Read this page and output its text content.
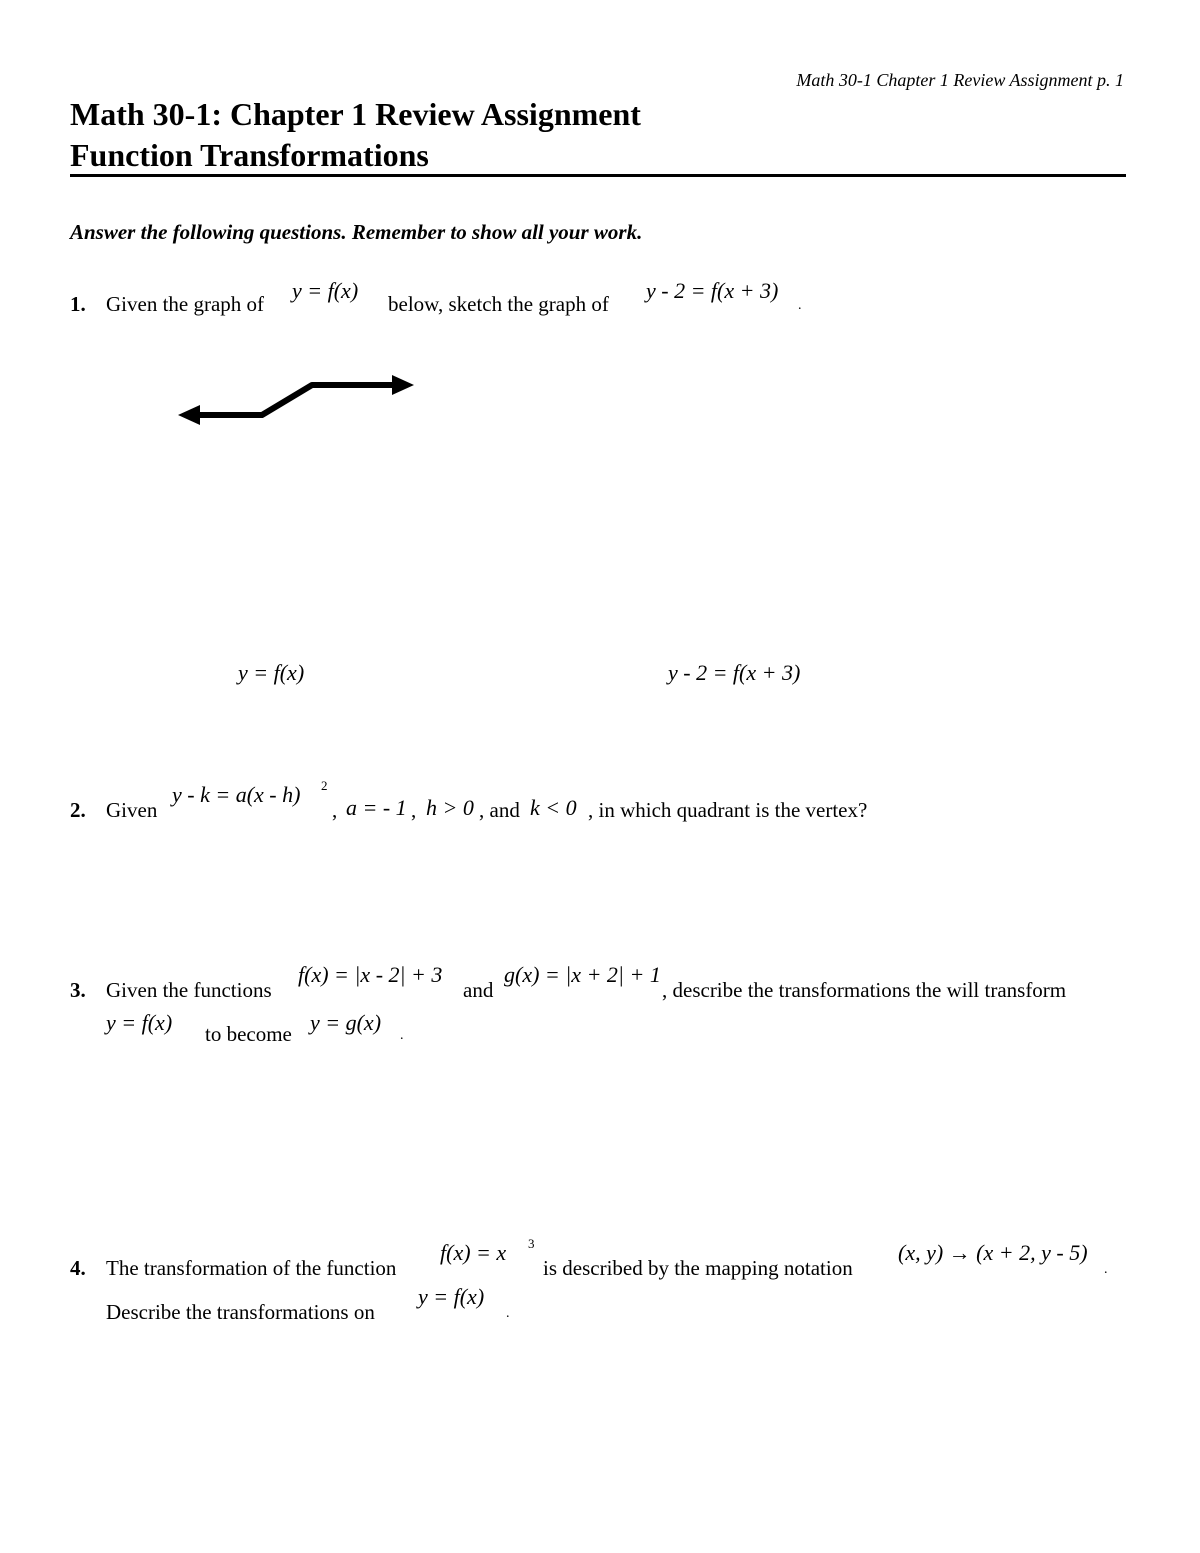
Math 30-1 Chapter 1 Review Assignment p. 1
Math 30-1: Chapter 1 Review Assignment
Function Transformations
Answer the following questions. Remember to show all your work.
1. Given the graph of
y = f(x)
below, sketch the graph of
y - 2 = f(x + 3)
.
y = f(x)	y - 2 = f(x + 3)
2. Given
y - k = a(x - h) 2
, a = - 1 , h > 0 , and k < 0 , in which quadrant is the vertex?
3. Given the functions
f(x) = |x - 2| + 3
and
g(x) = |x + 2| + 1
, describe the transformations the will transform
y = f(x) to become y = g(x)
.
4. The transformation of the function
f(x) = x 3
is described by the mapping notation
(x, y) → (x + 2, y - 5)
.
Describe the transformations on
y = f(x)
.
